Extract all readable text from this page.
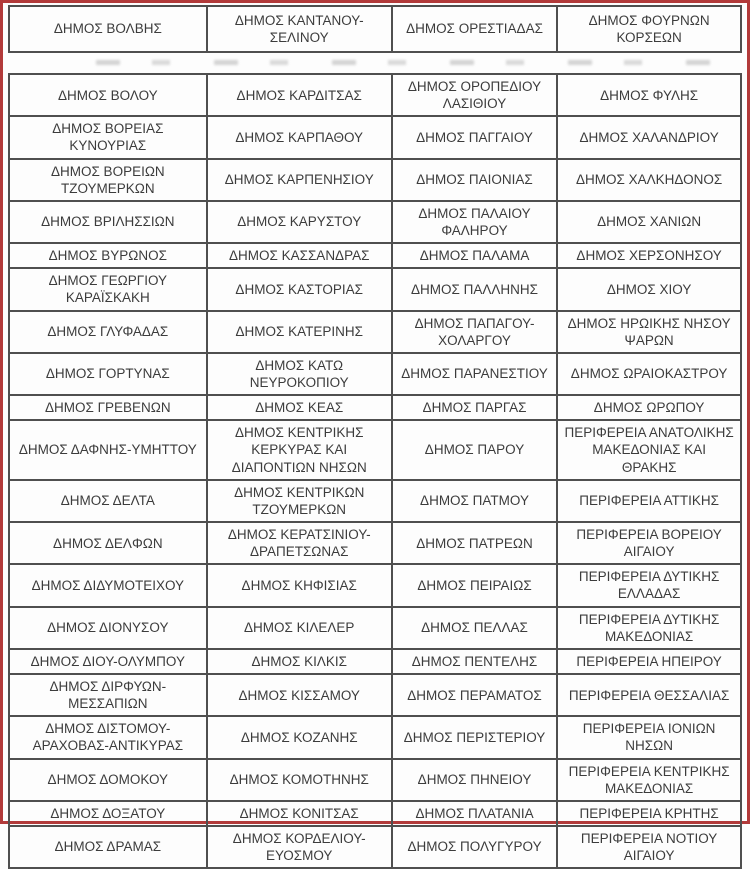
ΔΗΜΟΣ ΒΟΛΒΗΣ	ΔΗΜΟΣ ΚΑΝΤΑΝΟΥ-ΣΕΛΙΝΟΥ	ΔΗΜΟΣ ΟΡΕΣΤΙΑΔΑΣ	ΔΗΜΟΣ ΦΟΥΡΝΩΝ ΚΟΡΣΕΩΝ
ΔΗΜΟΣ ΒΟΛΟΥ	ΔΗΜΟΣ ΚΑΡΔΙΤΣΑΣ	ΔΗΜΟΣ ΟΡΟΠΕΔΙΟΥ ΛΑΣΙΘΙΟΥ	ΔΗΜΟΣ ΦΥΛΗΣ
ΔΗΜΟΣ ΒΟΡΕΙΑΣ ΚΥΝΟΥΡΙΑΣ	ΔΗΜΟΣ ΚΑΡΠΑΘΟΥ	ΔΗΜΟΣ ΠΑΓΓΑΙΟΥ	ΔΗΜΟΣ ΧΑΛΑΝΔΡΙΟΥ
ΔΗΜΟΣ ΒΟΡΕΙΩΝ ΤΖΟΥΜΕΡΚΩΝ	ΔΗΜΟΣ ΚΑΡΠΕΝΗΣΙΟΥ	ΔΗΜΟΣ ΠΑΙΟΝΙΑΣ	ΔΗΜΟΣ ΧΑΛΚΗΔΟΝΟΣ
ΔΗΜΟΣ ΒΡΙΛΗΣΣΙΩΝ	ΔΗΜΟΣ ΚΑΡΥΣΤΟΥ	ΔΗΜΟΣ ΠΑΛΑΙΟΥ ΦΑΛΗΡΟΥ	ΔΗΜΟΣ ΧΑΝΙΩΝ
ΔΗΜΟΣ ΒΥΡΩΝΟΣ	ΔΗΜΟΣ ΚΑΣΣΑΝΔΡΑΣ	ΔΗΜΟΣ ΠΑΛΑΜΑ	ΔΗΜΟΣ ΧΕΡΣΟΝΗΣΟΥ
ΔΗΜΟΣ ΓΕΩΡΓΙΟΥ ΚΑΡΑΪΣΚΑΚΗ	ΔΗΜΟΣ ΚΑΣΤΟΡΙΑΣ	ΔΗΜΟΣ ΠΑΛΛΗΝΗΣ	ΔΗΜΟΣ ΧΙΟΥ
ΔΗΜΟΣ ΓΛΥΦΑΔΑΣ	ΔΗΜΟΣ ΚΑΤΕΡΙΝΗΣ	ΔΗΜΟΣ ΠΑΠΑΓΟΥ-ΧΟΛΑΡΓΟΥ	ΔΗΜΟΣ ΗΡΩΙΚΗΣ ΝΗΣΟΥ ΨΑΡΩΝ
ΔΗΜΟΣ ΓΟΡΤΥΝΑΣ	ΔΗΜΟΣ ΚΑΤΩ ΝΕΥΡΟΚΟΠΙΟΥ	ΔΗΜΟΣ ΠΑΡΑΝΕΣΤΙΟΥ	ΔΗΜΟΣ ΩΡΑΙΟΚΑΣΤΡΟΥ
ΔΗΜΟΣ ΓΡΕΒΕΝΩΝ	ΔΗΜΟΣ ΚΕΑΣ	ΔΗΜΟΣ ΠΑΡΓΑΣ	ΔΗΜΟΣ ΩΡΩΠΟΥ
ΔΗΜΟΣ ΔΑΦΝΗΣ-ΥΜΗΤΤΟΥ	ΔΗΜΟΣ ΚΕΝΤΡΙΚΗΣ ΚΕΡΚΥΡΑΣ ΚΑΙ ΔΙΑΠΟΝΤΙΩΝ ΝΗΣΩΝ	ΔΗΜΟΣ ΠΑΡΟΥ	ΠΕΡΙΦΕΡΕΙΑ ΑΝΑΤΟΛΙΚΗΣ ΜΑΚΕΔΟΝΙΑΣ ΚΑΙ ΘΡΑΚΗΣ
ΔΗΜΟΣ ΔΕΛΤΑ	ΔΗΜΟΣ ΚΕΝΤΡΙΚΩΝ ΤΖΟΥΜΕΡΚΩΝ	ΔΗΜΟΣ ΠΑΤΜΟΥ	ΠΕΡΙΦΕΡΕΙΑ ΑΤΤΙΚΗΣ
ΔΗΜΟΣ ΔΕΛΦΩΝ	ΔΗΜΟΣ ΚΕΡΑΤΣΙΝΙΟΥ-ΔΡΑΠΕΤΣΩΝΑΣ	ΔΗΜΟΣ ΠΑΤΡΕΩΝ	ΠΕΡΙΦΕΡΕΙΑ ΒΟΡΕΙΟΥ ΑΙΓΑΙΟΥ
ΔΗΜΟΣ ΔΙΔΥΜΟΤΕΙΧΟΥ	ΔΗΜΟΣ ΚΗΦΙΣΙΑΣ	ΔΗΜΟΣ ΠΕΙΡΑΙΩΣ	ΠΕΡΙΦΕΡΕΙΑ ΔΥΤΙΚΗΣ ΕΛΛΑΔΑΣ
ΔΗΜΟΣ ΔΙΟΝΥΣΟΥ	ΔΗΜΟΣ ΚΙΛΕΛΕΡ	ΔΗΜΟΣ ΠΕΛΛΑΣ	ΠΕΡΙΦΕΡΕΙΑ ΔΥΤΙΚΗΣ ΜΑΚΕΔΟΝΙΑΣ
ΔΗΜΟΣ ΔΙΟΥ-ΟΛΥΜΠΟΥ	ΔΗΜΟΣ ΚΙΛΚΙΣ	ΔΗΜΟΣ ΠΕΝΤΕΛΗΣ	ΠΕΡΙΦΕΡΕΙΑ ΗΠΕΙΡΟΥ
ΔΗΜΟΣ ΔΙΡΦΥΩΝ-ΜΕΣΣΑΠΙΩΝ	ΔΗΜΟΣ ΚΙΣΣΑΜΟΥ	ΔΗΜΟΣ ΠΕΡΑΜΑΤΟΣ	ΠΕΡΙΦΕΡΕΙΑ ΘΕΣΣΑΛΙΑΣ
ΔΗΜΟΣ ΔΙΣΤΟΜΟΥ-ΑΡΑΧΟΒΑΣ-ΑΝΤΙΚΥΡΑΣ	ΔΗΜΟΣ ΚΟΖΑΝΗΣ	ΔΗΜΟΣ ΠΕΡΙΣΤΕΡΙΟΥ	ΠΕΡΙΦΕΡΕΙΑ ΙΟΝΙΩΝ ΝΗΣΩΝ
ΔΗΜΟΣ ΔΟΜΟΚΟΥ	ΔΗΜΟΣ ΚΟΜΟΤΗΝΗΣ	ΔΗΜΟΣ ΠΗΝΕΙΟΥ	ΠΕΡΙΦΕΡΕΙΑ ΚΕΝΤΡΙΚΗΣ ΜΑΚΕΔΟΝΙΑΣ
ΔΗΜΟΣ ΔΟΞΑΤΟΥ	ΔΗΜΟΣ ΚΟΝΙΤΣΑΣ	ΔΗΜΟΣ ΠΛΑΤΑΝΙΑ	ΠΕΡΙΦΕΡΕΙΑ ΚΡΗΤΗΣ
ΔΗΜΟΣ ΔΡΑΜΑΣ	ΔΗΜΟΣ ΚΟΡΔΕΛΙΟΥ-ΕΥΟΣΜΟΥ	ΔΗΜΟΣ ΠΟΛΥΓΥΡΟΥ	ΠΕΡΙΦΕΡΕΙΑ ΝΟΤΙΟΥ ΑΙΓΑΙΟΥ
